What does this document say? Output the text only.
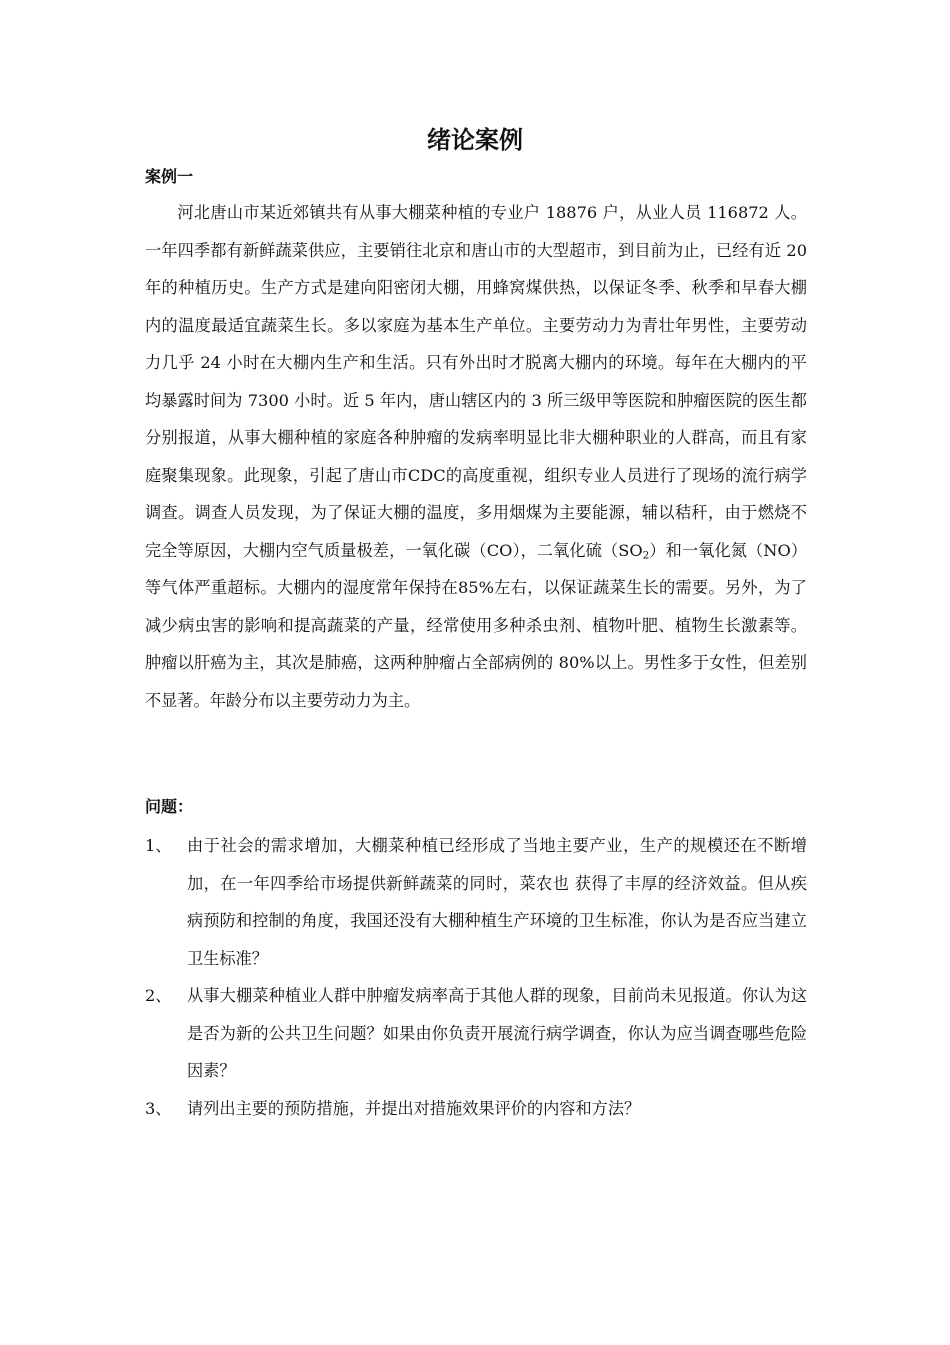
绪论案例
案例一

河北唐山市某近郊镇共有从事大棚菜种植的专业户 18876 户，从业人员 116872 人。一年四季都有新鲜蔬菜供应，主要销往北京和唐山市的大型超市，到目前为止，已经有近 20 年的种植历史。生产方式是建向阳密闭大棚，用蜂窝煤供热，以保证冬季、秋季和早春大棚内的温度最适宜蔬菜生长。多以家庭为基本生产单位。主要劳动力为青壮年男性，主要劳动力几乎 24 小时在大棚内生产和生活。只有外出时才脱离大棚内的环境。每年在大棚内的平均暴露时间为 7300 小时。近 5 年内，唐山辖区内的 3 所三级甲等医院和肿瘤医院的医生都分别报道，从事大棚种植的家庭各种肿瘤的发病率明显比非大棚种职业的人群高，而且有家庭聚集现象。此现象，引起了唐山市CDC的高度重视，组织专业人员进行了现场的流行病学调查。调查人员发现，为了保证大棚的温度，多用烟煤为主要能源，辅以秸秆，由于燃烧不完全等原因，大棚内空气质量极差，一氧化碳（CO），二氧化硫$(SO_2)$和一氧化氮（NO）等气体严重超标。大棚内的湿度常年保持在85%左右，以保证蔬菜生长的需要。另外，为了减少病虫害的影响和提高蔬菜的产量，经常使用多种杀虫剂、植物叶肥、植物生长激素等。肿瘤以肝癌为主，其次是肺癌，这两种肿瘤占全部病例的 80%以上。男性多于女性，但差别不显著。年龄分布以主要劳动力为主。

问题：
1、 由于社会的需求增加，大棚菜种植已经形成了当地主要产业，生产的规模还在不断增加，在一年四季给市场提供新鲜蔬菜的同时，菜农也 获得了丰厚的经济效益。但从疾病预防和控制的角度，我国还没有大棚种植生产环境的卫生标准，你认为是否应当建立卫生标准？
2、 从事大棚菜种植业人群中肿瘤发病率高于其他人群的现象，目前尚未见报道。你认为这是否为新的公共卫生问题？如果由你负责开展流行病学调查，你认为应当调查哪些危险因素？
3、 请列出主要的预防措施，并提出对措施效果评价的内容和方法？
